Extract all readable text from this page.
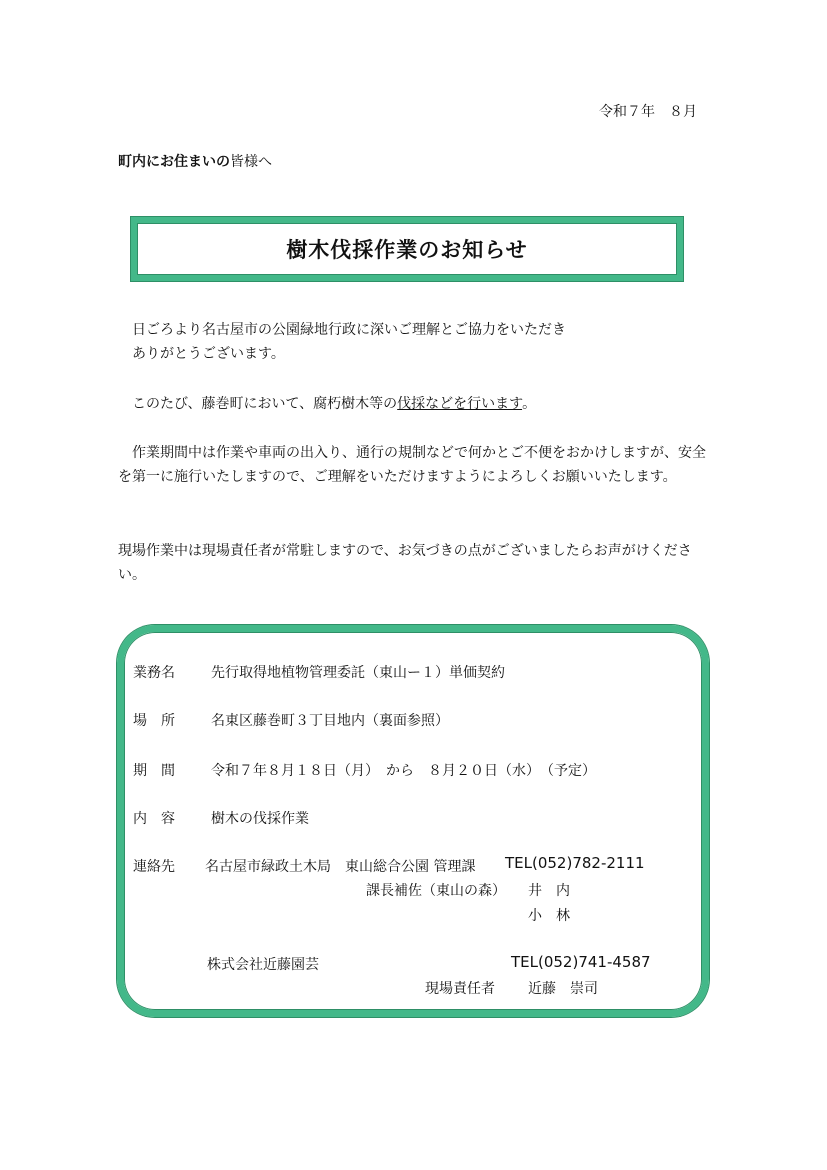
令和７年　８月
町内にお住まいの皆様へ
樹木伐採作業のお知らせ
日ごろより名古屋市の公園緑地行政に深いご理解とご協力をいただき
ありがとうございます。
このたび、藤巻町において、腐朽樹木等の伐採などを行います。
作業期間中は作業や車両の出入り、通行の規制などで何かとご不便をおかけしますが、安全を第一に施行いたしますので、ご理解をいただけますようによろしくお願いいたします。
現場作業中は現場責任者が常駐しますので、お気づきの点がございましたらお声がけください。
業務名	先行取得地植物管理委託（東山ー１）単価契約
場　所	名東区藤巻町３丁目地内（裏面参照）
期　間	令和７年８月１８日（月）　から　８月２０日（水）　（予定）
内　容	樹木の伐採作業
連絡先 名古屋市緑政土木局　東山総合公園 管理課 TEL(052)782-2111
課長補佐（東山の森） 井　内
小　林
株式会社近藤園芸	TEL(052)741-4587
現場責任者 近藤　崇司
